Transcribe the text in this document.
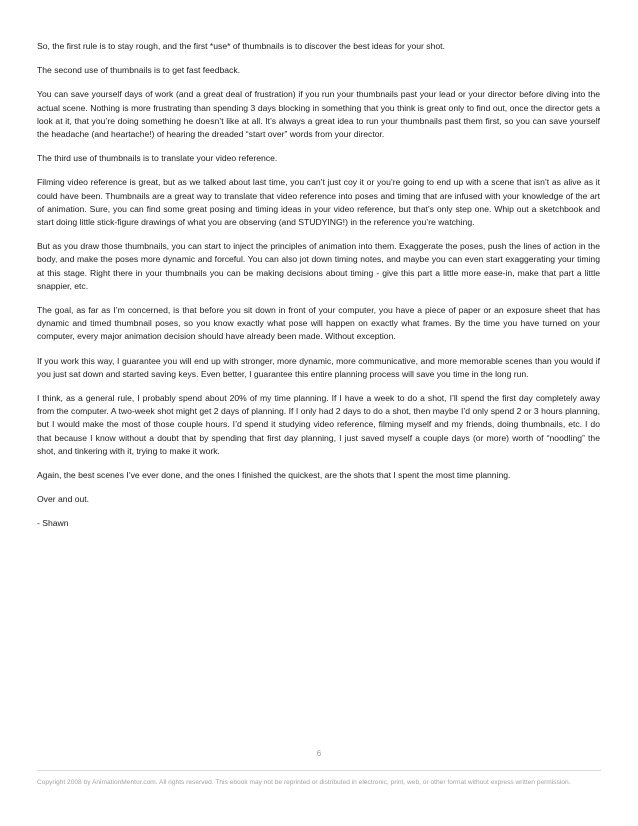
So, the first rule is to stay rough, and the first *use* of thumbnails is to discover the best ideas for your shot.

The second use of thumbnails is to get fast feedback.

You can save yourself days of work (and a great deal of frustration) if you run your thumbnails past your lead or your director before diving into the actual scene. Nothing is more frustrating than spending 3 days blocking in something that you think is great only to find out, once the director gets a look at it, that you’re doing something he doesn’t like at all. It’s always a great idea to run your thumbnails past them first, so you can save yourself the headache (and heartache!) of hearing the dreaded “start over” words from your director.

The third use of thumbnails is to translate your video reference.

Filming video reference is great, but as we talked about last time, you can’t just coy it or you’re going to end up with a scene that isn’t as alive as it could have been. Thumbnails are a great way to translate that video reference into poses and timing that are infused with your knowledge of the art of animation. Sure, you can find some great posing and timing ideas in your video reference, but that’s only step one. Whip out a sketchbook and start doing little stick-figure drawings of what you are observing (and STUDYING!) in the reference you’re watching.

But as you draw those thumbnails, you can start to inject the principles of animation into them. Exaggerate the poses, push the lines of action in the body, and make the poses more dynamic and forceful. You can also jot down timing notes, and maybe you can even start exaggerating your timing at this stage. Right there in your thumbnails you can be making decisions about timing - give this part a little more ease-in, make that part a little snappier, etc.

The goal, as far as I’m concerned, is that before you sit down in front of your computer, you have a piece of paper or an exposure sheet that has dynamic and timed thumbnail poses, so you know exactly what pose will happen on exactly what frames. By the time you have turned on your computer, every major animation decision should have already been made. Without exception.

If you work this way, I guarantee you will end up with stronger, more dynamic, more communicative, and more memorable scenes than you would if you just sat down and started saving keys. Even better, I guarantee this entire planning process will save you time in the long run.

I think, as a general rule, I probably spend about 20% of my time planning. If I have a week to do a shot, I’ll spend the first day completely away from the computer. A two-week shot might get 2 days of planning. If I only had 2 days to do a shot, then maybe I’d only spend 2 or 3 hours planning, but I would make the most of those couple hours. I’d spend it studying video reference, filming myself and my friends, doing thumbnails, etc. I do that because I know without a doubt that by spending that first day planning, I just saved myself a couple days (or more) worth of “noodling” the shot, and tinkering with it, trying to make it work.

Again, the best scenes I’ve ever done, and the ones I finished the quickest, are the shots that I spent the most time planning.

Over and out.

- Shawn

6
Copyright 2008 by AnimationMentor.com. All rights reserved. This ebook may not be reprinted or distributed in electronic, print, web, or other format without express written permission.
